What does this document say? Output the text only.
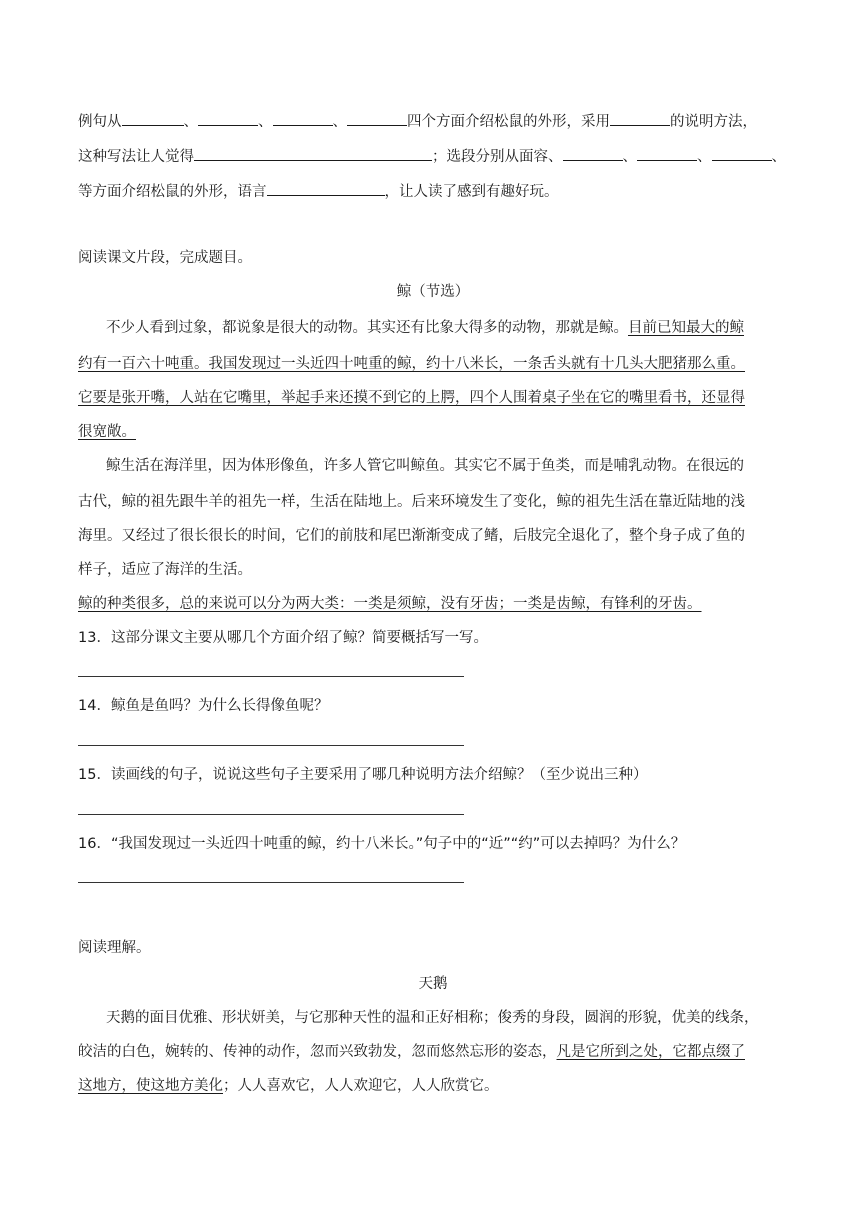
例句从	、	、	、	四个方面介绍松鼠的外形，采用	的说明方法，
这种写法让人觉得	；选段分别从面容、	、	、	、
等方面介绍松鼠的外形，语言	，让人读了感到有趣好玩。
阅读课文片段，完成题目。
鲸（节选）
不少人看到过象，都说象是很大的动物。其实还有比象大得多的动物，那就是鲸。目前已知最大的鲸
约有一百六十吨重。我国发现过一头近四十吨重的鲸，约十八米长，一条舌头就有十几头大肥猪那么重。
它要是张开嘴，人站在它嘴里，举起手来还摸不到它的上腭，四个人围着桌子坐在它的嘴里看书，还显得
很宽敞。
鲸生活在海洋里，因为体形像鱼，许多人管它叫鲸鱼。其实它不属于鱼类，而是哺乳动物。在很远的
古代，鲸的祖先跟牛羊的祖先一样，生活在陆地上。后来环境发生了变化，鲸的祖先生活在靠近陆地的浅
海里。又经过了很长很长的时间，它们的前肢和尾巴渐渐变成了鳍，后肢完全退化了，整个身子成了鱼的
样子，适应了海洋的生活。
鲸的种类很多，总的来说可以分为两大类：一类是须鲸，没有牙齿；一类是齿鲸，有锋利的牙齿。
13．这部分课文主要从哪几个方面介绍了鲸？简要概括写一写。
14．鲸鱼是鱼吗？为什么长得像鱼呢？
15．读画线的句子，说说这些句子主要采用了哪几种说明方法介绍鲸？（至少说出三种）
16．“我国发现过一头近四十吨重的鲸，约十八米长。”句子中的“近”“约”可以去掉吗？为什么？
阅读理解。
天鹅
天鹅的面目优雅、形状妍美，与它那种天性的温和正好相称；俊秀的身段，圆润的形貌，优美的线条，
皎洁的白色，婉转的、传神的动作，忽而兴致勃发，忽而悠然忘形的姿态，凡是它所到之处，它都点缀了
这地方，使这地方美化；人人喜欢它，人人欢迎它，人人欣赏它。
